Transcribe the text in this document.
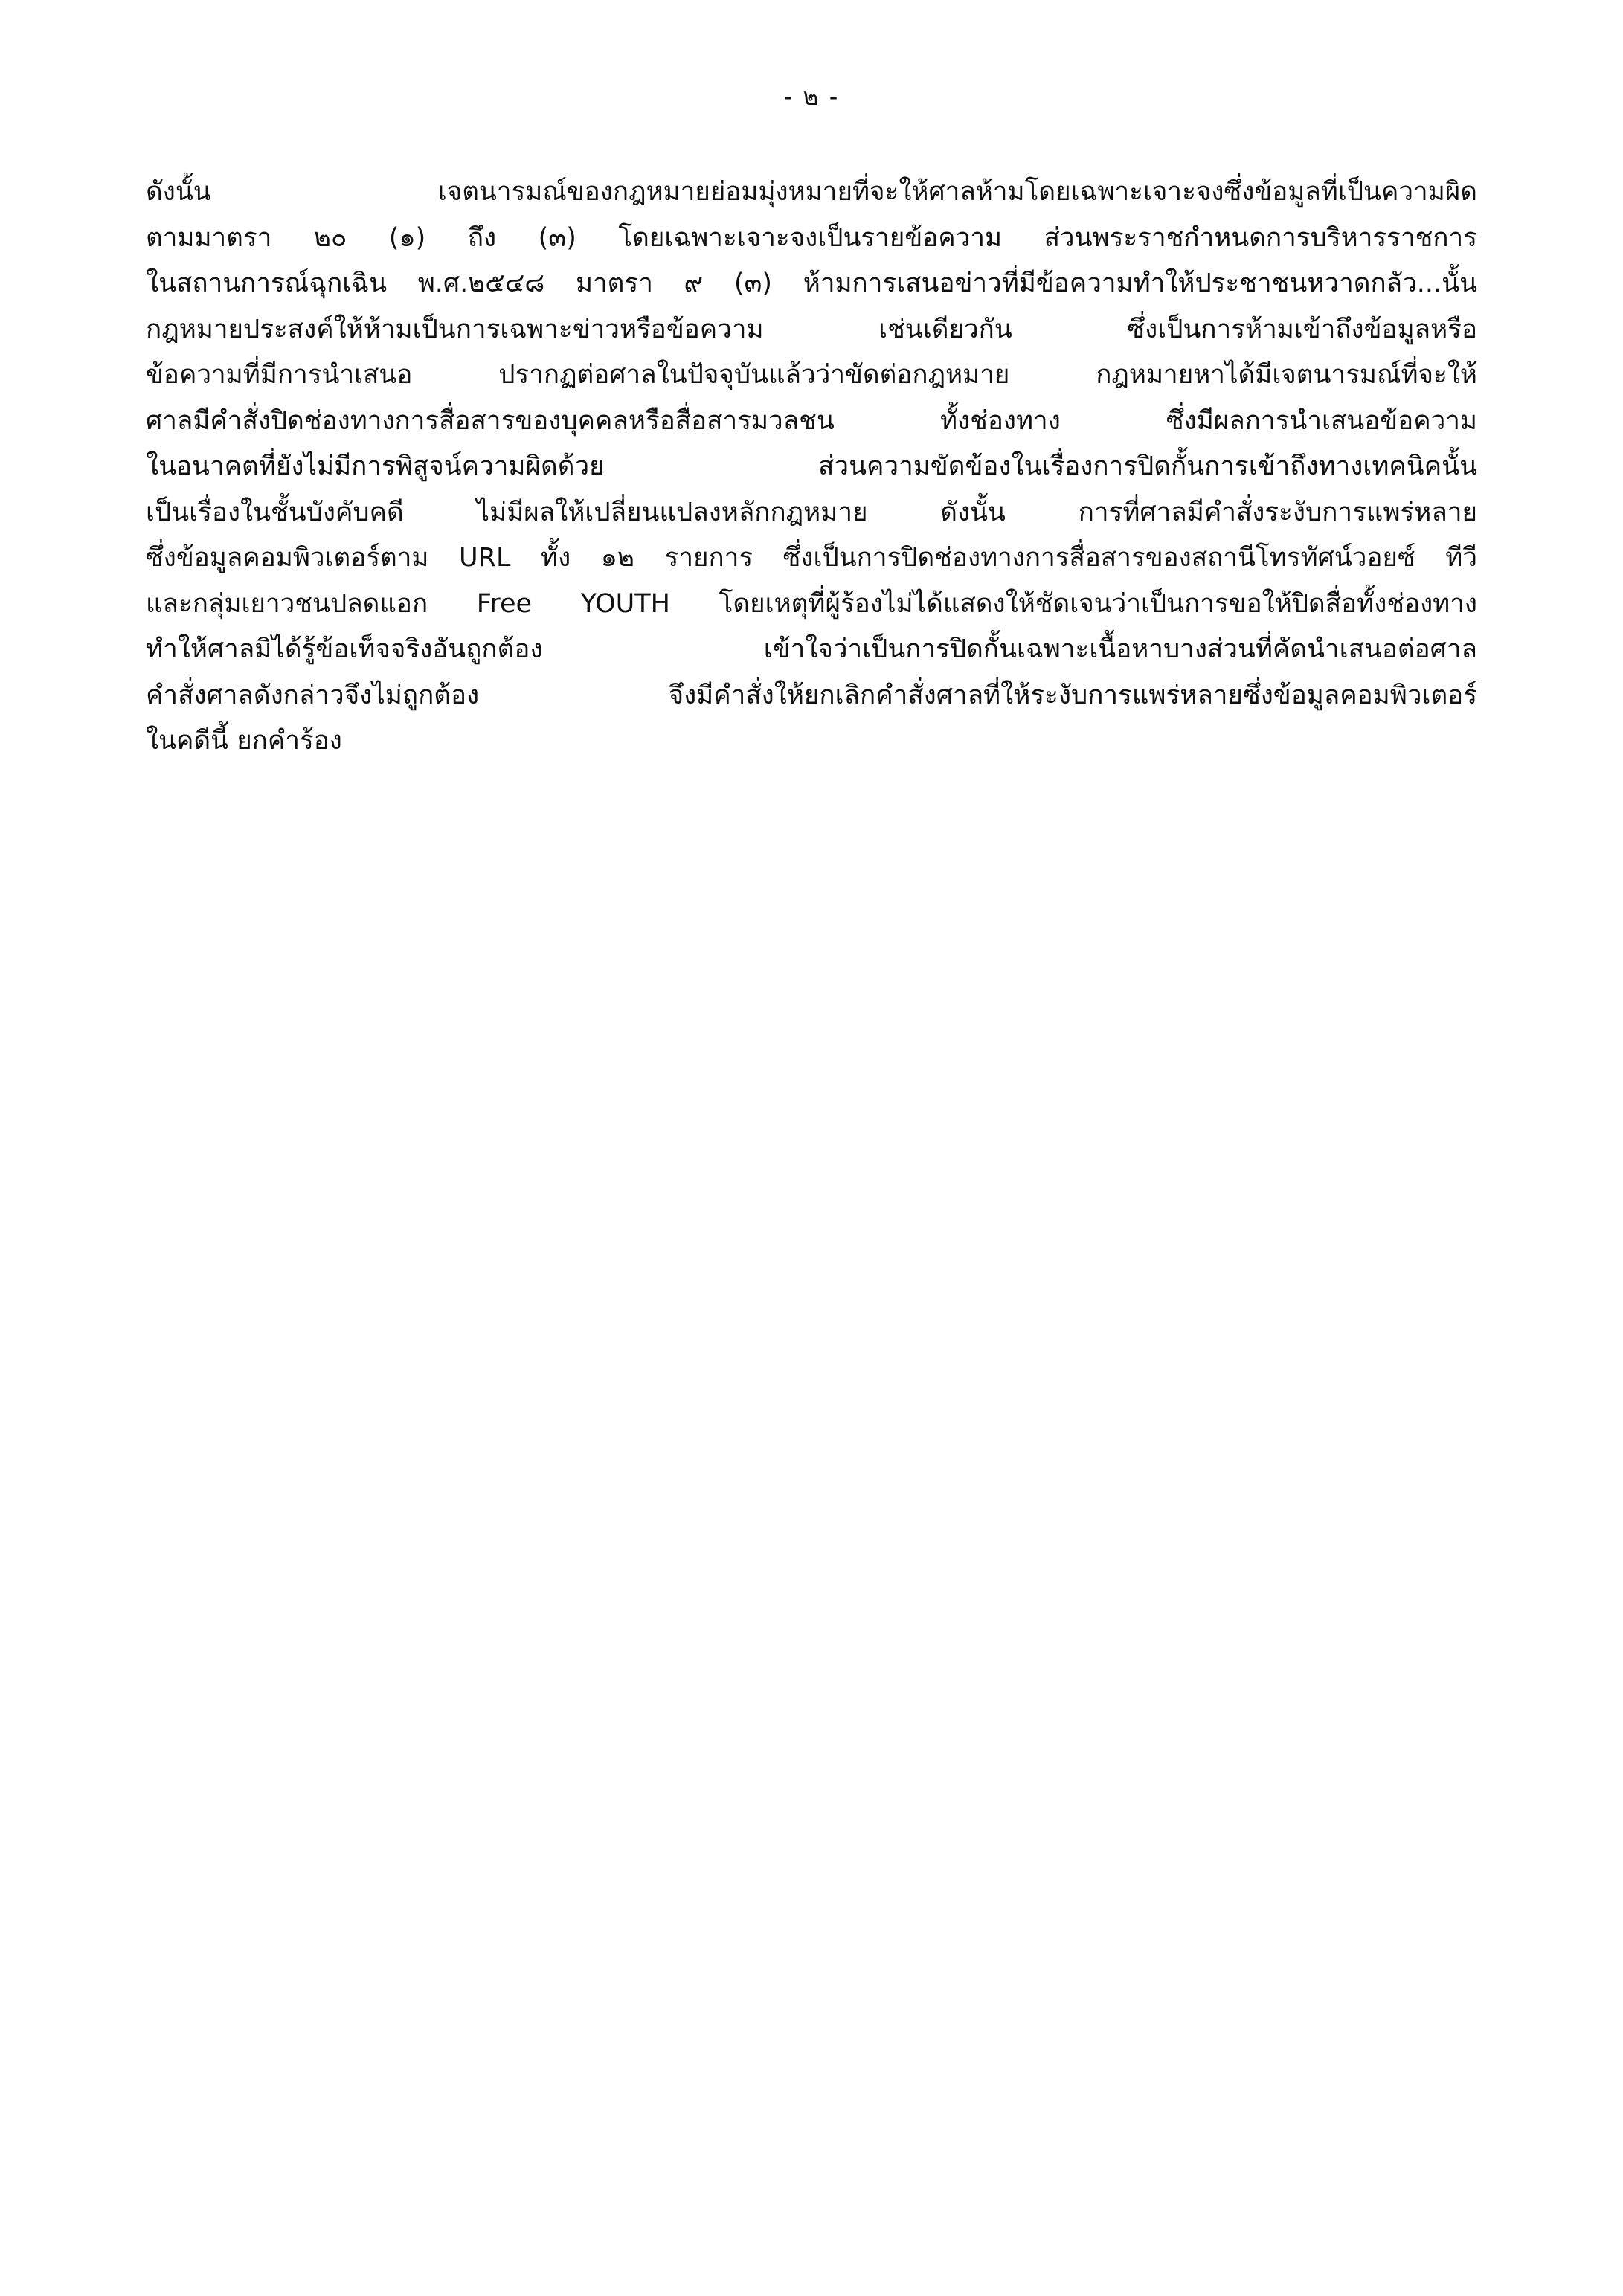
- ๒ -
ดังนั้น เจตนารมณ์ของกฎหมายย่อมมุ่งหมายที่จะให้ศาลห้ามโดยเฉพาะเจาะจงซึ่งข้อมูลที่เป็นความผิด
ตามมาตรา ๒๐ (๑) ถึง (๓) โดยเฉพาะเจาะจงเป็นรายข้อความ ส่วนพระราชกำหนดการบริหารราชการ
ในสถานการณ์ฉุกเฉิน พ.ศ.๒๕๔๘ มาตรา ๙ (๓) ห้ามการเสนอข่าวที่มีข้อความทำให้ประชาชนหวาดกลัว...นั้น
กฎหมายประสงค์ให้ห้ามเป็นการเฉพาะข่าวหรือข้อความ เช่นเดียวกัน ซึ่งเป็นการห้ามเข้าถึงข้อมูลหรือ
ข้อความที่มีการนำเสนอ ปรากฏต่อศาลในปัจจุบันแล้วว่าขัดต่อกฎหมาย กฎหมายหาได้มีเจตนารมณ์ที่จะให้
ศาลมีคำสั่งปิดช่องทางการสื่อสารของบุคคลหรือสื่อสารมวลชน ทั้งช่องทาง ซึ่งมีผลการนำเสนอข้อความ
ในอนาคตที่ยังไม่มีการพิสูจน์ความผิดด้วย ส่วนความขัดข้องในเรื่องการปิดกั้นการเข้าถึงทางเทคนิคนั้น
เป็นเรื่องในชั้นบังคับคดี ไม่มีผลให้เปลี่ยนแปลงหลักกฎหมาย ดังนั้น การที่ศาลมีคำสั่งระงับการแพร่หลาย
ซึ่งข้อมูลคอมพิวเตอร์ตาม URL ทั้ง ๑๒ รายการ ซึ่งเป็นการปิดช่องทางการสื่อสารของสถานีโทรทัศน์วอยซ์ ทีวี
และกลุ่มเยาวชนปลดแอก Free YOUTH โดยเหตุที่ผู้ร้องไม่ได้แสดงให้ชัดเจนว่าเป็นการขอให้ปิดสื่อทั้งช่องทาง
ทำให้ศาลมิได้รู้ข้อเท็จจริงอันถูกต้อง เข้าใจว่าเป็นการปิดกั้นเฉพาะเนื้อหาบางส่วนที่คัดนำเสนอต่อศาล
คำสั่งศาลดังกล่าวจึงไม่ถูกต้อง จึงมีคำสั่งให้ยกเลิกคำสั่งศาลที่ให้ระงับการแพร่หลายซึ่งข้อมูลคอมพิวเตอร์
ในคดีนี้ ยกคำร้อง
